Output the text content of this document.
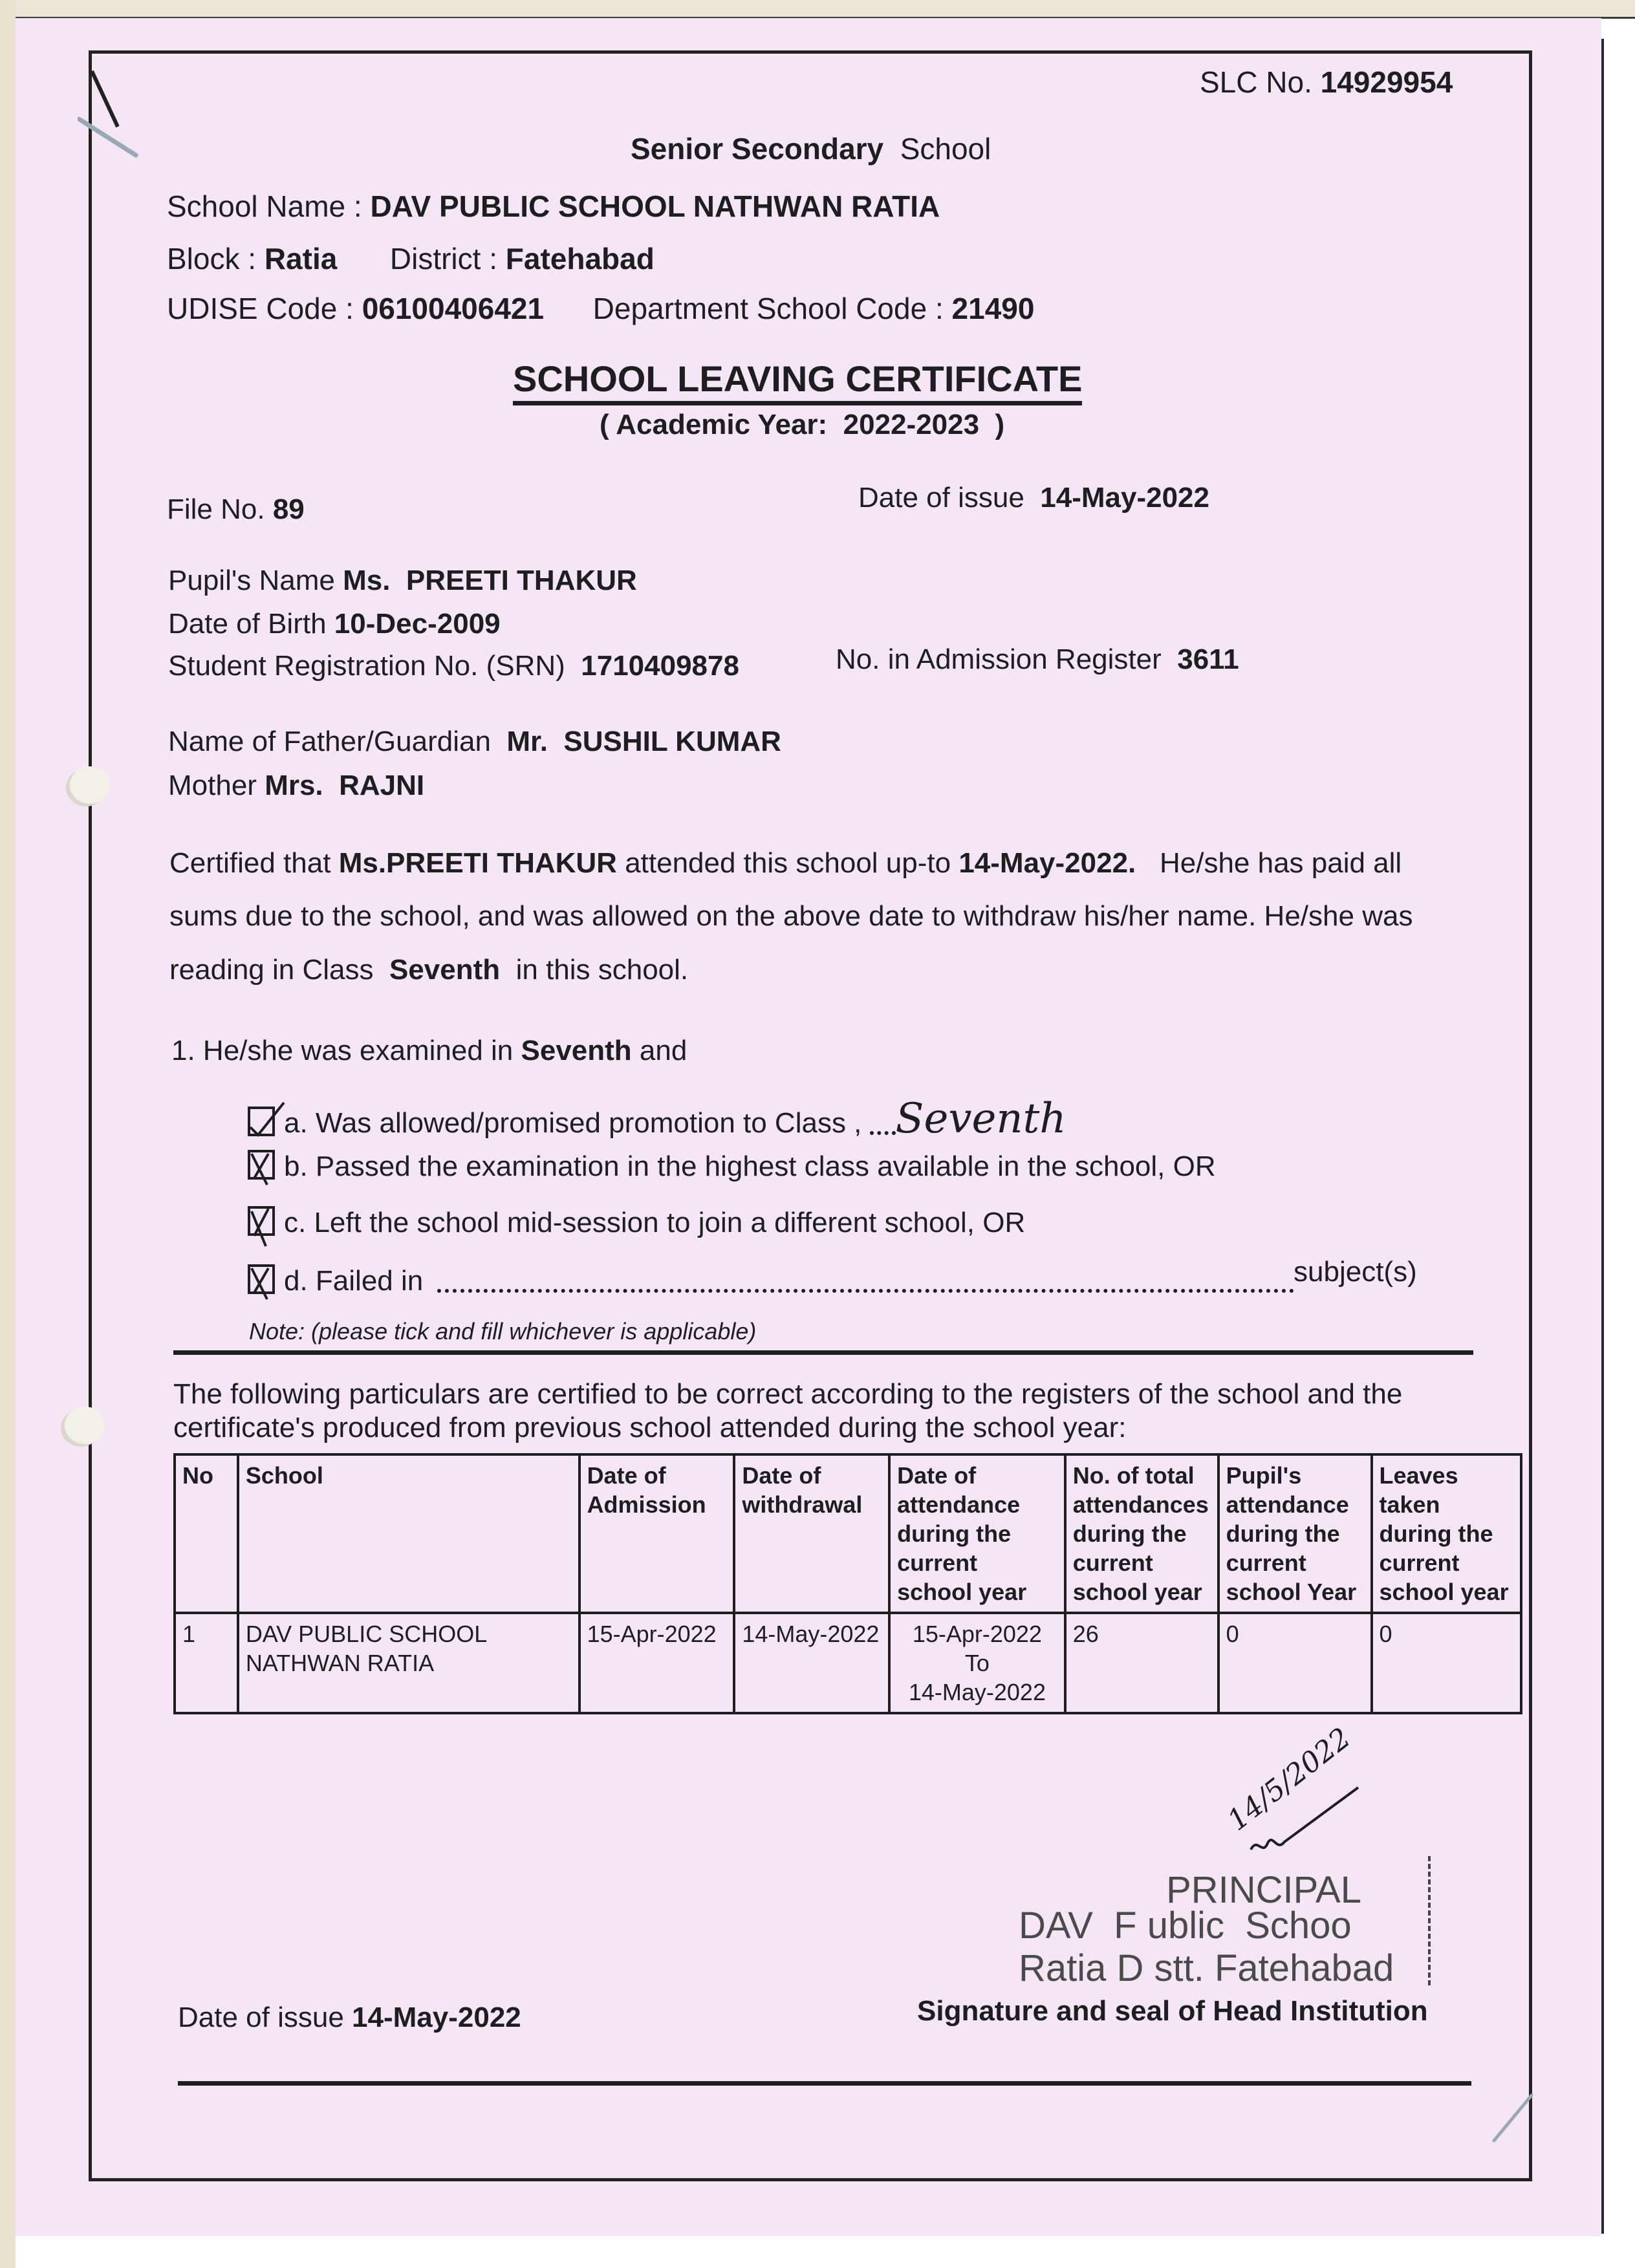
SLC No. 14929954
Senior Secondary School
School Name : DAV PUBLIC SCHOOL NATHWAN RATIA
Block : Ratia District : Fatehabad
UDISE Code : 06100406421 Department School Code : 21490
SCHOOL LEAVING CERTIFICATE
( Academic Year: 2022-2023 )
File No. 89	Date of issue 14-May-2022
Pupil's Name Ms. PREETI THAKUR
Date of Birth 10-Dec-2009
Student Registration No. (SRN) 1710409878	No. in Admission Register 3611
Name of Father/Guardian Mr. SUSHIL KUMAR
Mother Mrs. RAJNI
Certified that Ms.PREETI THAKUR attended this school up-to 14-May-2022. He/she has paid all
sums due to the school, and was allowed on the above date to withdraw his/her name. He/she was
reading in Class Seventh in this school.
1. He/she was examined in Seventh and
a. Was allowed/promised promotion to Class , Seventh
b. Passed the examination in the highest class available in the school, OR
c. Left the school mid-session to join a different school, OR
d. Failed in	subject(s)
Note: (please tick and fill whichever is applicable)
The following particulars are certified to be correct according to the registers of the school and the
certificate's produced from previous school attended during the school year:
No	School	Date of Admission	Date of withdrawal	Date of attendance during the current school year	No. of total attendances during the current school year	Pupil's attendance during the current school Year	Leaves taken during the current school year
1	DAV PUBLIC SCHOOL
NATHWAN RATIA
	15-Apr-2022	14-May-2022	15-Apr-2022
To
14-May-2022
	26	0	0
14/5/2022
PRINCIPAL
DAV  F ublic  Schoo
Ratia D stt. Fatehabad
Signature and seal of Head Institution
Date of issue 14-May-2022
